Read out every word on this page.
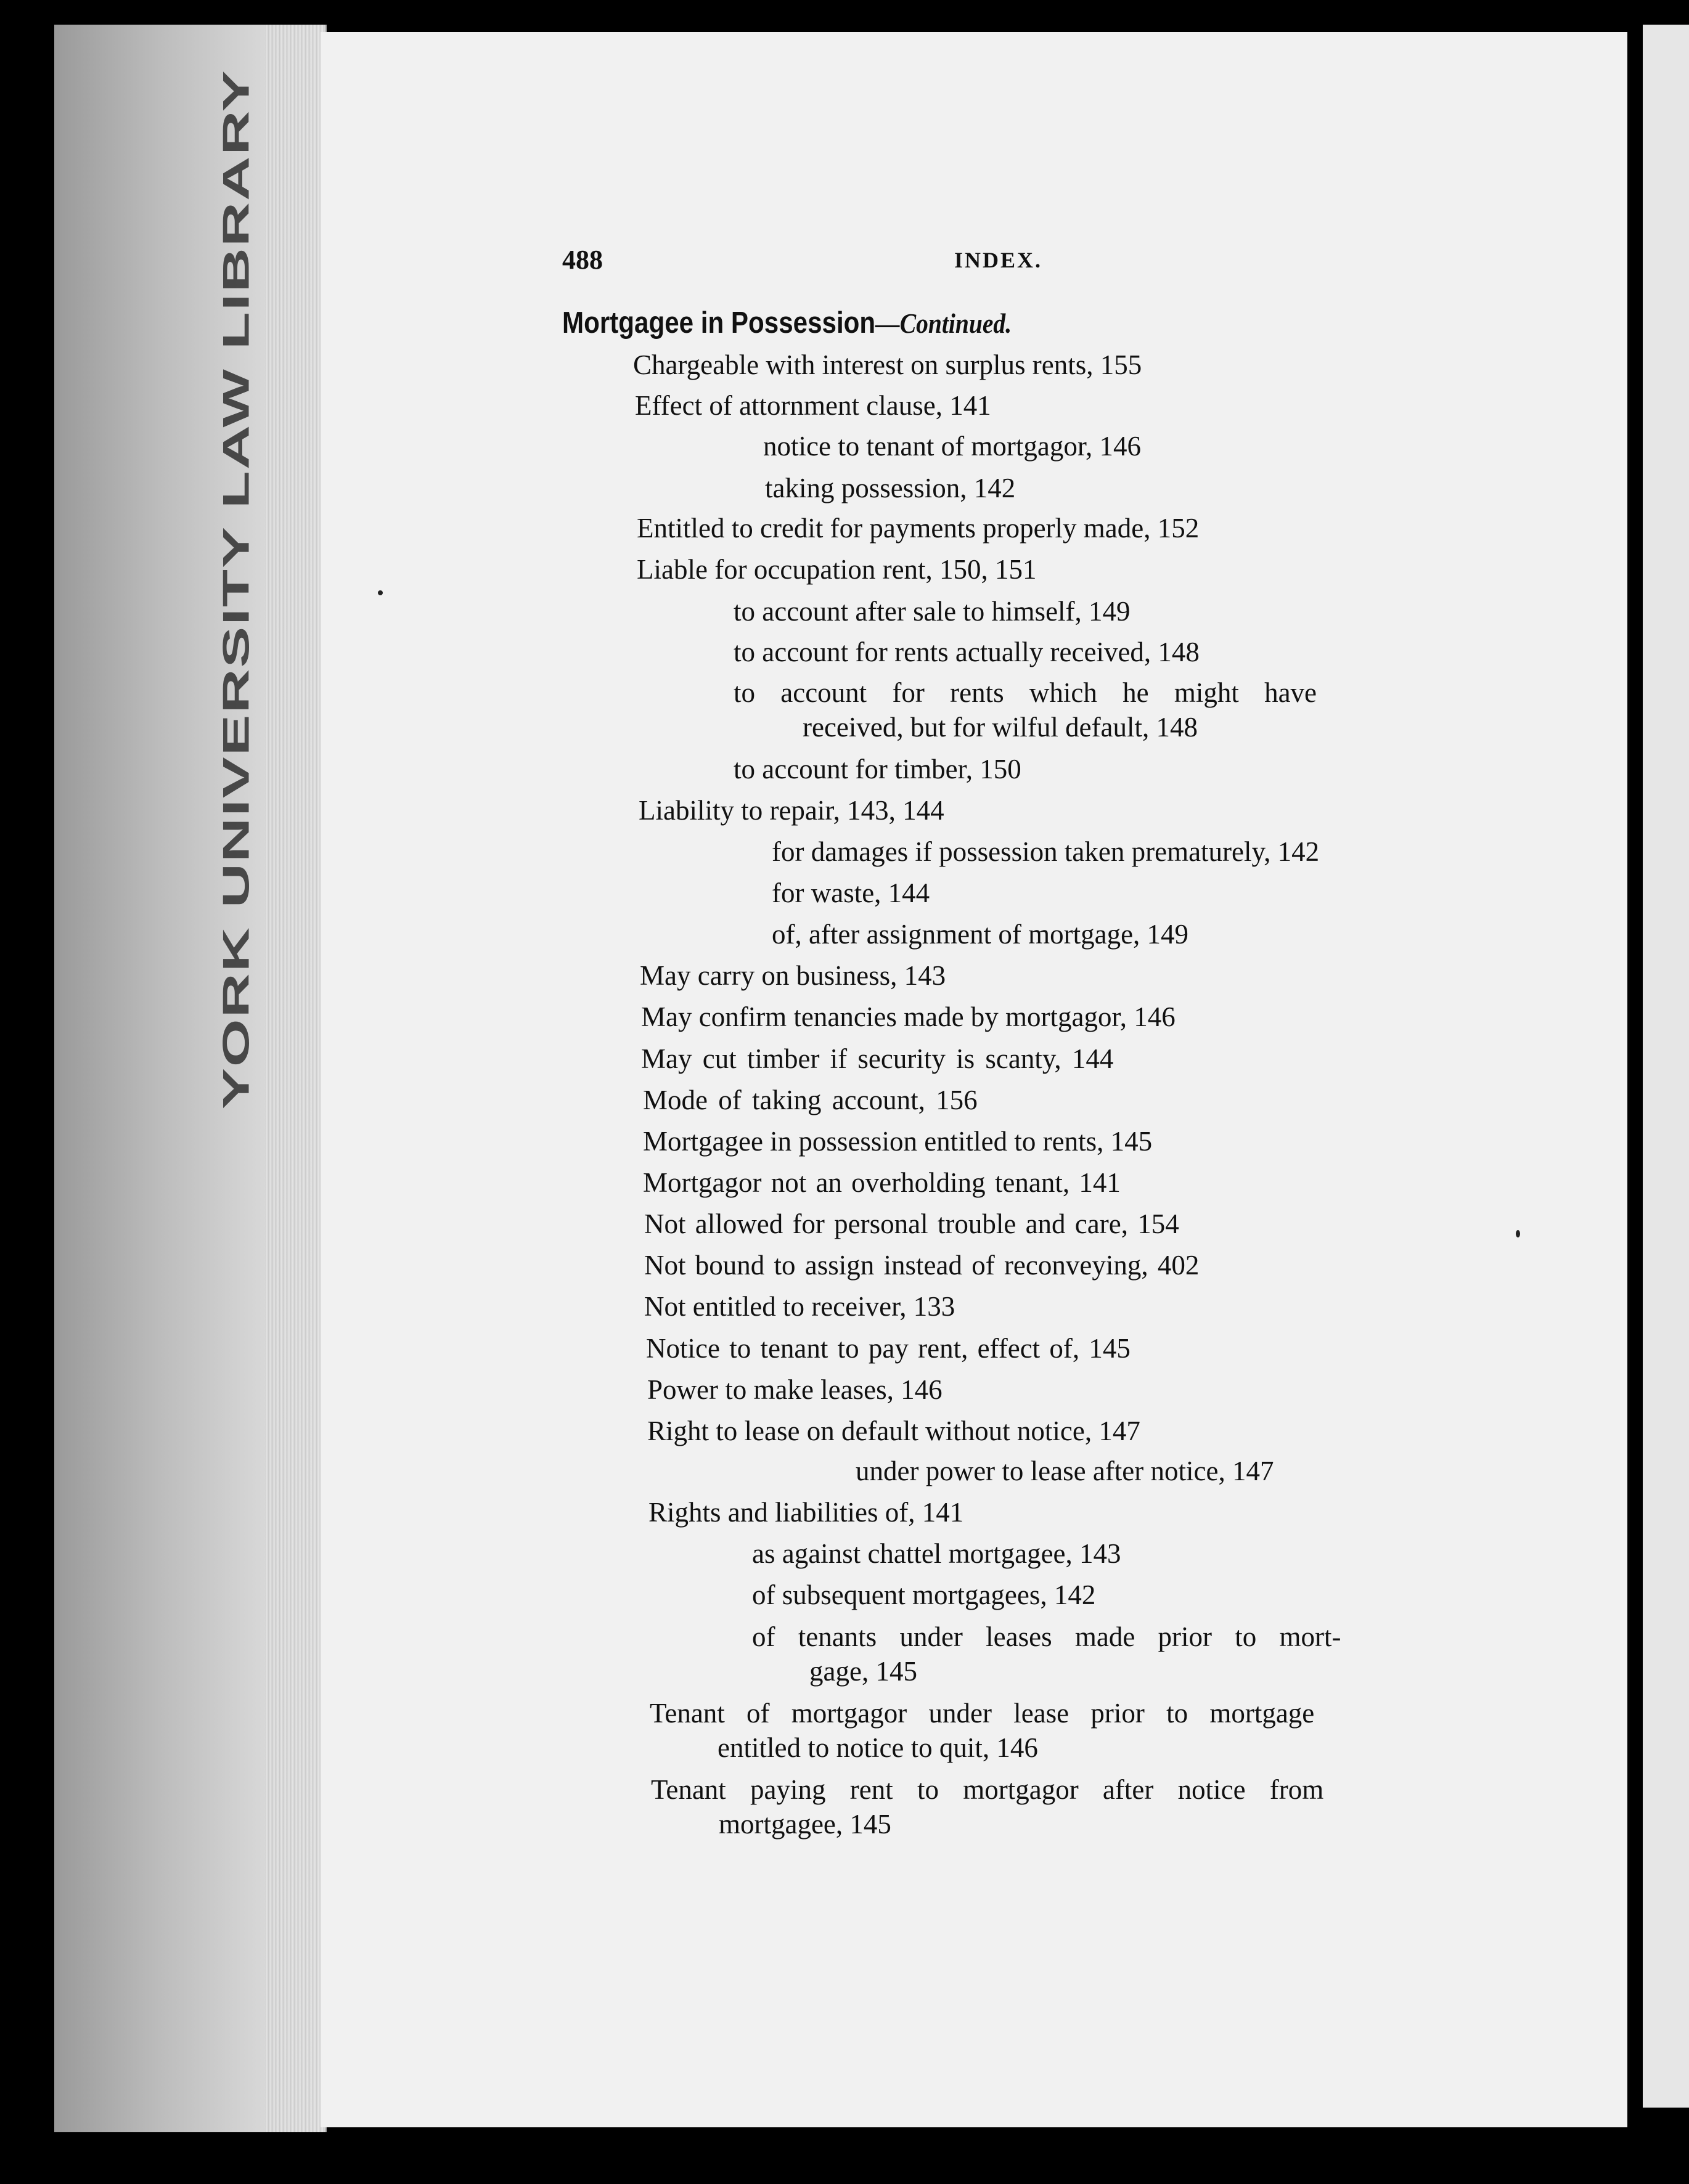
YORK UNIVERSITY LAW LIBRARY	488	INDEX.
Mortgagee in Possession—Continued.
Chargeable with interest on surplus rents, 155
Effect of attornment clause, 141
notice to tenant of mortgagor, 146
taking possession, 142
Entitled to credit for payments properly made, 152
Liable for occupation rent, 150, 151
to account after sale to himself, 149
to account for rents actually received, 148
to account for rents which he might have
received, but for wilful default, 148
to account for timber, 150
Liability to repair, 143, 144
for damages if possession taken prematurely, 142
for waste, 144
of, after assignment of mortgage, 149
May carry on business, 143
May confirm tenancies made by mortgagor, 146
May cut timber if security is scanty, 144
Mode of taking account, 156
Mortgagee in possession entitled to rents, 145
Mortgagor not an overholding tenant, 141
Not allowed for personal trouble and care, 154
Not bound to assign instead of reconveying, 402
Not entitled to receiver, 133
Notice to tenant to pay rent, effect of, 145
Power to make leases, 146
Right to lease on default without notice, 147
under power to lease after notice, 147
Rights and liabilities of, 141
as against chattel mortgagee, 143
of subsequent mortgagees, 142
of tenants under leases made prior to mort-
gage, 145
Tenant of mortgagor under lease prior to mortgage
entitled to notice to quit, 146
Tenant paying rent to mortgagor after notice from
mortgagee, 145
